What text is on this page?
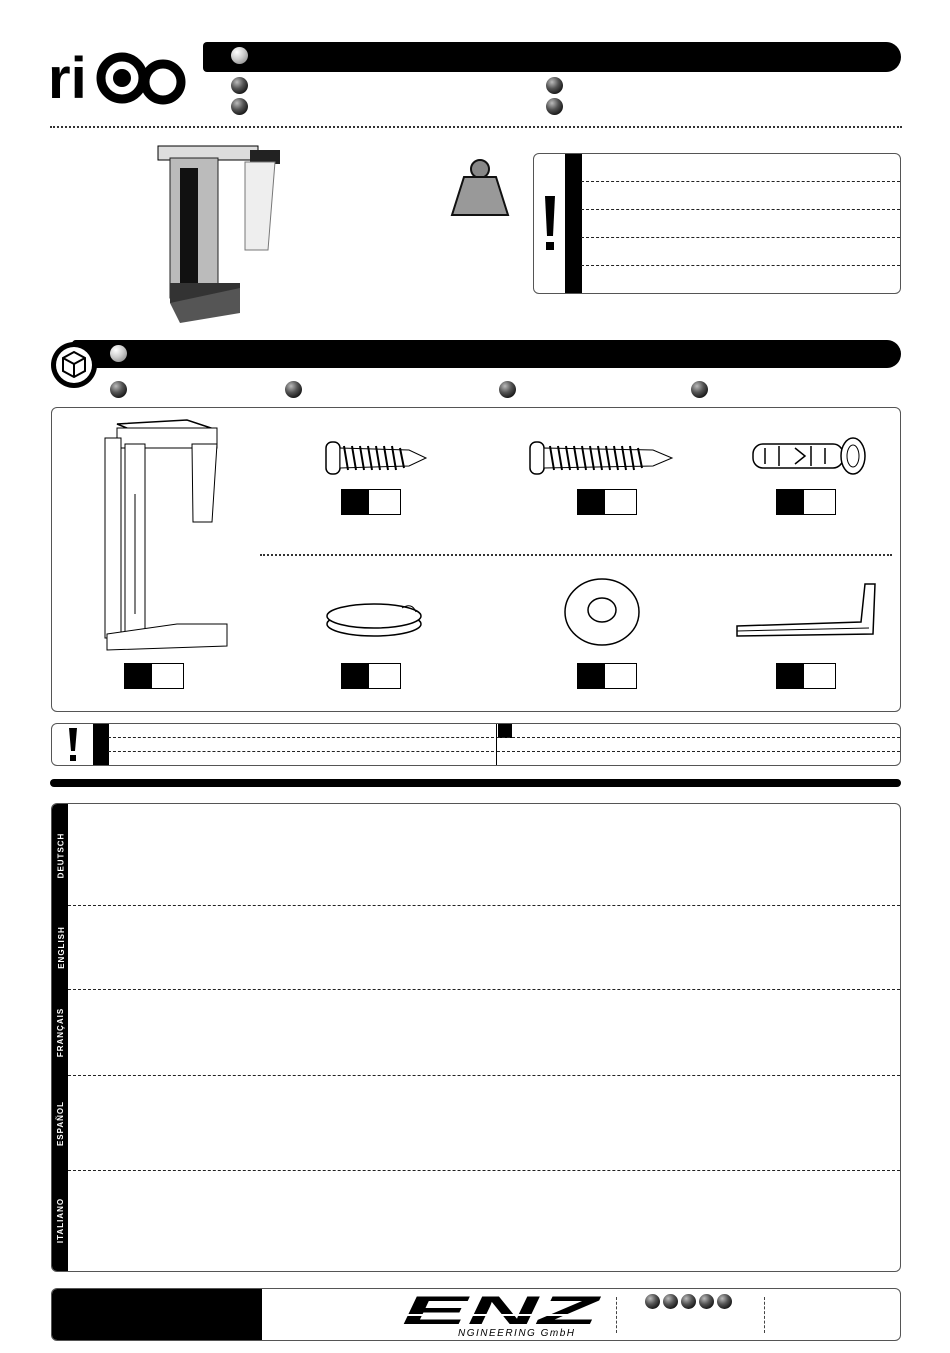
ri
DEUTSCH
ENGLISH
FRANÇAIS
ESPAÑOL
ITALIANO
ENZ
NGINEERING GmbH
